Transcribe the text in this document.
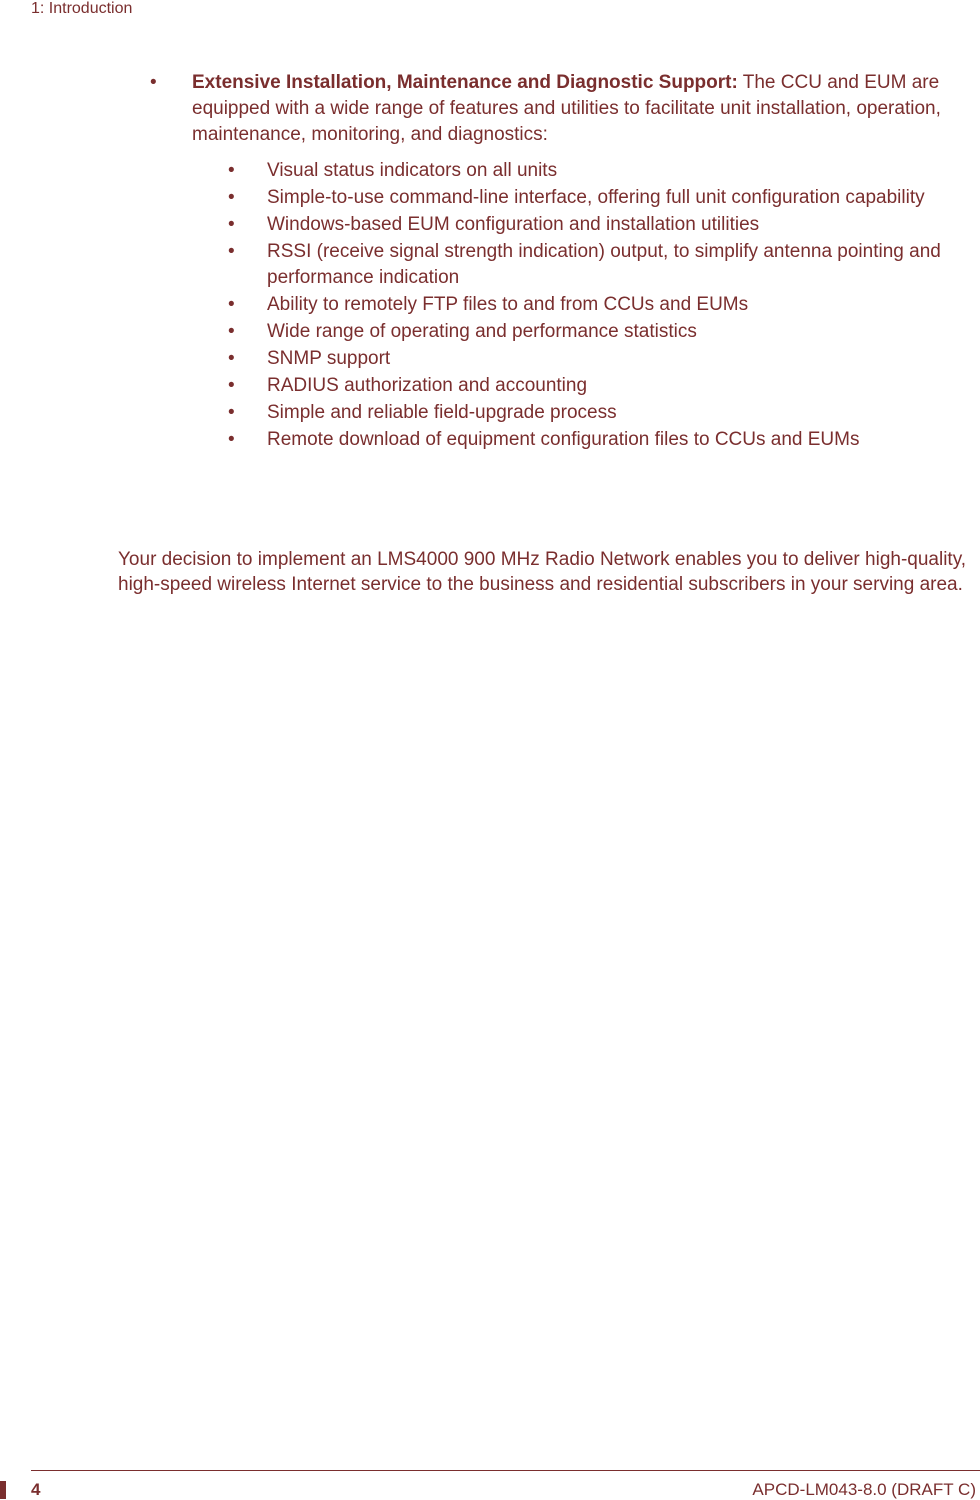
1: Introduction
•	Extensive Installation, Maintenance and Diagnostic Support: The CCU and EUM are equipped with a wide range of features and utilities to facilitate unit installation, operation, maintenance, monitoring, and diagnostics:
• Visual status indicators on all units
• Simple-to-use command-line interface, offering full unit configuration capability
• Windows-based EUM configuration and installation utilities
• RSSI (receive signal strength indication) output, to simplify antenna pointing and performance indication
• Ability to remotely FTP files to and from CCUs and EUMs
• Wide range of operating and performance statistics
• SNMP support
• RADIUS authorization and accounting
• Simple and reliable field-upgrade process
• Remote download of equipment configuration files to CCUs and EUMs

Your decision to implement an LMS4000 900 MHz Radio Network enables you to deliver high-quality, high-speed wireless Internet service to the business and residential subscribers in your serving area.

4	APCD-LM043-8.0 (DRAFT C)
